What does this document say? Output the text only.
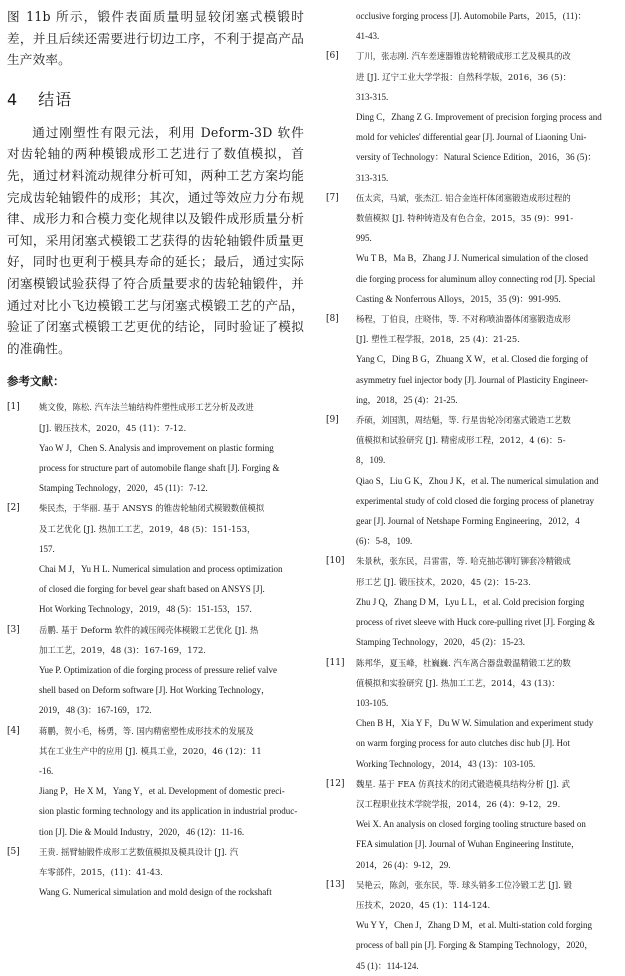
图 11b 所示，锻件表面质量明显较闭塞式模锻时差，并且后续还需要进行切边工序，不利于提高产品生产效率。

4 结语

通过刚塑性有限元法，利用 Deform-3D 软件对齿轮轴的两种模锻成形工艺进行了数值模拟，首先，通过材料流动规律分析可知，两种工艺方案均能完成齿轮轴锻件的成形；其次，通过等效应力分布规律、成形力和合模力变化规律以及锻件成形质量分析可知，采用闭塞式模锻工艺获得的齿轮轴锻件质量更好，同时也更利于模具寿命的延长；最后，通过实际闭塞模锻试验获得了符合质量要求的齿轮轴锻件，并通过对比小飞边模锻工艺与闭塞式模锻工艺的产品，验证了闭塞式模锻工艺更优的结论，同时验证了模拟的准确性。

参考文献：
[1]	姚文俊，陈松. 汽车法兰轴结构件塑性成形工艺分析及改进
[J]. 锻压技术，2020，45 (11)：7-12.
Yao W J，Chen S. Analysis and improvement on plastic forming
process for structure part of automobile flange shaft [J]. Forging &
Stamping Technology，2020，45 (11)：7-12.
[2]	柴民杰，于华丽. 基于 ANSYS 的锥齿轮轴闭式模锻数值模拟
及工艺优化 [J]. 热加工工艺，2019，48 (5)：151-153，
157.
Chai M J，Yu H L. Numerical simulation and process optimization
of closed die forging for bevel gear shaft based on ANSYS [J].
Hot Working Technology，2019，48 (5)：151-153，157.
[3]	岳鹏. 基于 Deform 软件的减压阀壳体模锻工艺优化 [J]. 热
加工工艺，2019，48 (3)：167-169，172.
Yue P. Optimization of die forging process of pressure relief valve
shell based on Deform software [J]. Hot Working Technology，
2019，48 (3)：167-169，172.
[4]	蒋鹏，贺小毛，杨勇，等. 国内精密塑性成形技术的发展及
其在工业生产中的应用 [J]. 模具工业，2020，46 (12)：11
-16.
Jiang P，He X M，Yang Y，et al. Development of domestic preci-
sion plastic forming technology and its application in industrial produc-
tion [J]. Die & Mould Industry，2020，46 (12)：11-16.
[5]	王贵. 摇臂轴锻件成形工艺数值模拟及模具设计 [J]. 汽
车零部件，2015，(11)：41-43.
Wang G. Numerical simulation and mold design of the rockshaft
occlusive forging process [J]. Automobile Parts，2015，(11)：
41-43.
[6]	丁川，张志刚. 汽车差速器锥齿轮精锻成形工艺及模具的改
进 [J]. 辽宁工业大学学报：自然科学版，2016，36 (5)：
313-315.
Ding C，Zhang Z G. Improvement of precision forging process and
mold for vehicles' differential gear [J]. Journal of Liaoning Uni-
versity of Technology：Natural Science Edition，2016，36 (5)：
313-315.
[7]	伍太宾，马斌，张杰江. 铝合金连杆体闭塞锻造成形过程的
数值模拟 [J]. 特种铸造及有色合金，2015，35 (9)：991-
995.
Wu T B，Ma B，Zhang J J. Numerical simulation of the closed
die forging process for aluminum alloy connecting rod [J]. Special
Casting & Nonferrous Alloys，2015，35 (9)：991-995.
[8]	杨程，丁伯良，庄晓伟，等. 不对称喷油器体闭塞锻造成形
[J]. 塑性工程学报，2018，25 (4)：21-25.
Yang C，Ding B G，Zhuang X W，et al. Closed die forging of
asymmetry fuel injector body [J]. Journal of Plasticity Engineer-
ing，2018，25 (4)：21-25.
[9]	乔硕，刘国凯，周结魁，等. 行星齿轮冷闭塞式锻造工艺数
值模拟和试验研究 [J]. 精密成形工程，2012，4 (6)：5-
8，109.
Qiao S，Liu G K，Zhou J K，et al. The numerical simulation and
experimental study of cold closed die forging process of planetray
gear [J]. Journal of Netshape Forming Engineering，2012，4
(6)：5-8，109.
[10]	朱景秋，张东民，吕雷雷，等. 哈克抽芯铆钉铆套冷精锻成
形工艺 [J]. 锻压技术，2020，45 (2)：15-23.
Zhu J Q，Zhang D M，Lyu L L，et al. Cold precision forging
process of rivet sleeve with Huck core-pulling rivet [J]. Forging &
Stamping Technology，2020，45 (2)：15-23.
[11]	陈邦华，夏玉峰，杜巍巍. 汽车离合器盘毂温精锻工艺的数
值模拟和实验研究 [J]. 热加工工艺，2014，43 (13)：
103-105.
Chen B H，Xia Y F，Du W W. Simulation and experiment study
on warm forging process for auto clutches disc hub [J]. Hot
Working Technology，2014，43 (13)：103-105.
[12]	魏星. 基于 FEA 仿真技术的闭式锻造模具结构分析 [J]. 武
汉工程职业技术学院学报，2014，26 (4)：9-12，29.
Wei X. An analysis on closed forging tooling structure based on
FEA simulation [J]. Journal of Wuhan Engineering Institute，
2014，26 (4)：9-12，29.
[13]	吴艳云，陈剑，张东民，等. 球头销多工位冷锻工艺 [J]. 锻
压技术，2020，45 (1)：114-124.
Wu Y Y，Chen J，Zhang D M，et al. Multi-station cold forging
process of ball pin [J]. Forging & Stamping Technology，2020，
45 (1)：114-124.
